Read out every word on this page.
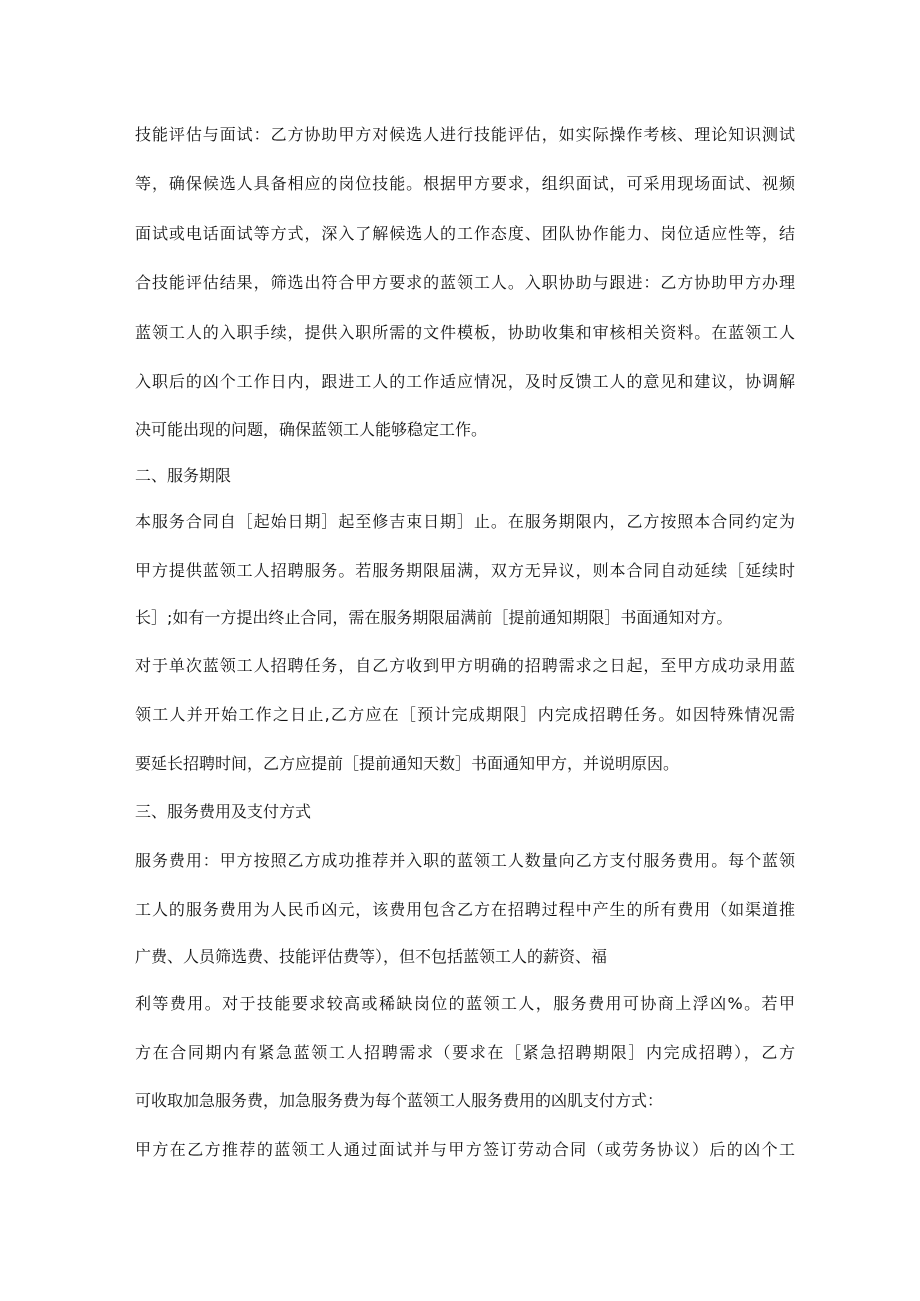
技能评估与面试：乙方协助甲方对候选人进行技能评估，如实际操作考核、理论知识测试
等，确保候选人具备相应的岗位技能。根据甲方要求，组织面试，可采用现场面试、视频
面试或电话面试等方式，深入了解候选人的工作态度、团队协作能力、岗位适应性等，结
合技能评估结果，筛选出符合甲方要求的蓝领工人。入职协助与跟进：乙方协助甲方办理
蓝领工人的入职手续，提供入职所需的文件模板，协助收集和审核相关资料。在蓝领工人
入职后的凶个工作日内，跟进工人的工作适应情况，及时反馈工人的意见和建议，协调解
决可能出现的问题，确保蓝领工人能够稳定工作。
二、服务期限
本服务合同自［起始日期］起至修吉束日期］止。在服务期限内，乙方按照本合同约定为
甲方提供蓝领工人招聘服务。若服务期限届满，双方无异议，则本合同自动延续［延续时
长］;如有一方提出终止合同，需在服务期限届满前［提前通知期限］书面通知对方。
对于单次蓝领工人招聘任务，自乙方收到甲方明确的招聘需求之日起，至甲方成功录用蓝
领工人并开始工作之日止,乙方应在［预计完成期限］内完成招聘任务。如因特殊情况需
要延长招聘时间，乙方应提前［提前通知天数］书面通知甲方，并说明原因。
三、服务费用及支付方式
服务费用：甲方按照乙方成功推荐并入职的蓝领工人数量向乙方支付服务费用。每个蓝领
工人的服务费用为人民币凶元，该费用包含乙方在招聘过程中产生的所有费用（如渠道推
广费、人员筛选费、技能评估费等），但不包括蓝领工人的薪资、福
利等费用。对于技能要求较高或稀缺岗位的蓝领工人，服务费用可协商上浮凶%。若甲
方在合同期内有紧急蓝领工人招聘需求（要求在［紧急招聘期限］内完成招聘），乙方
可收取加急服务费，加急服务费为每个蓝领工人服务费用的凶肌支付方式：
甲方在乙方推荐的蓝领工人通过面试并与甲方签订劳动合同（或劳务协议）后的凶个工
